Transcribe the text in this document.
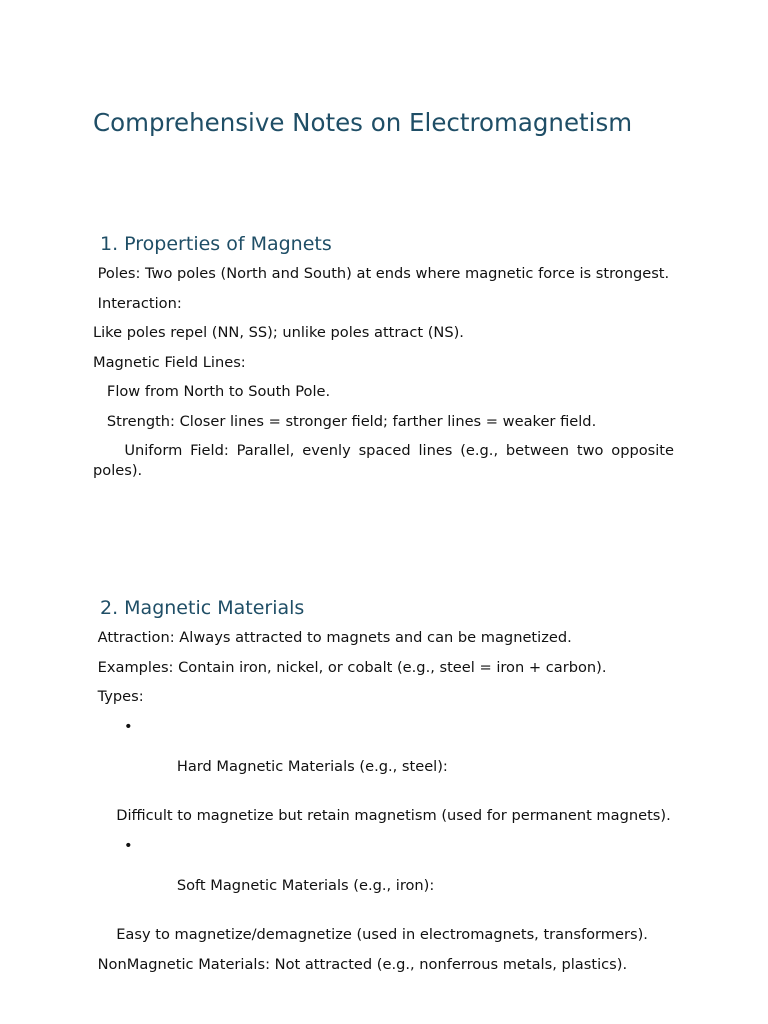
Comprehensive Notes on Electromagnetism
1. Properties of Magnets

Poles: Two poles (North and South) at ends where magnetic force is strongest.

Interaction:

Like poles repel (NN, SS); unlike poles attract (NS).

Magnetic Field Lines:

Flow from North to South Pole.

Strength: Closer lines = stronger field; farther lines = weaker field.

Uniform Field: Parallel, evenly spaced lines (e.g., between two opposite poles).

2. Magnetic Materials

Attraction: Always attracted to magnets and can be magnetized.

Examples: Contain iron, nickel, or cobalt (e.g., steel = iron + carbon).

Types:

•

Hard Magnetic Materials (e.g., steel):

Difficult to magnetize but retain magnetism (used for permanent magnets).

•

Soft Magnetic Materials (e.g., iron):

Easy to magnetize/demagnetize (used in electromagnets, transformers).

NonMagnetic Materials: Not attracted (e.g., nonferrous metals, plastics).
